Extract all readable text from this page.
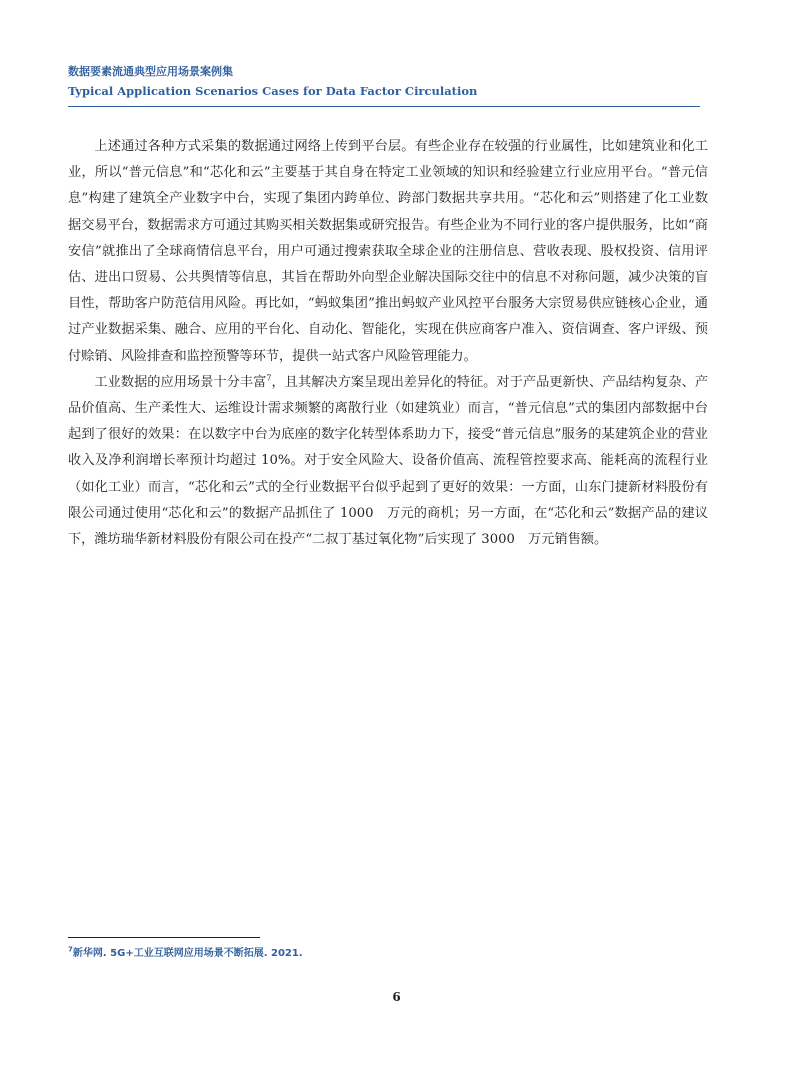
数据要素流通典型应用场景案例集
Typical Application Scenarios Cases for Data Factor Circulation

上述通过各种方式采集的数据通过网络上传到平台层。有些企业存在较强的行业属性，比如建筑业和化工业，所以“普元信息”和“芯化和云”主要基于其自身在特定工业领域的知识和经验建立行业应用平台。“普元信息”构建了建筑全产业数字中台，实现了集团内跨单位、跨部门数据共享共用。“芯化和云”则搭建了化工业数据交易平台，数据需求方可通过其购买相关数据集或研究报告。有些企业为不同行业的客户提供服务，比如“商安信”就推出了全球商情信息平台，用户可通过搜索获取全球企业的注册信息、营收表现、股权投资、信用评估、进出口贸易、公共舆情等信息，其旨在帮助外向型企业解决国际交往中的信息不对称问题，减少决策的盲目性，帮助客户防范信用风险。再比如，“蚂蚁集团”推出蚂蚁产业风控平台服务大宗贸易供应链核心企业，通过产业数据采集、融合、应用的平台化、自动化、智能化，实现在供应商客户准入、资信调查、客户评级、预付赊销、风险排查和监控预警等环节，提供一站式客户风险管理能力。

工业数据的应用场景十分丰富$^7$，且其解决方案呈现出差异化的特征。对于产品更新快、产品结构复杂、产品价值高、生产柔性大、运维设计需求频繁的离散行业（如建筑业）而言，“普元信息”式的集团内部数据中台起到了很好的效果：在以数字中台为底座的数字化转型体系助力下，接受“普元信息”服务的某建筑企业的营业收入及净利润增长率预计均超过 10%。对于安全风险大、设备价值高、流程管控要求高、能耗高的流程行业（如化工业）而言，“芯化和云”式的全行业数据平台似乎起到了更好的效果：一方面，山东门捷新材料股份有限公司通过使用“芯化和云”的数据产品抓住了 1000　万元的商机；另一方面，在“芯化和云”数据产品的建议下，潍坊瑞华新材料股份有限公司在投产“二叔丁基过氧化物”后实现了 3000　万元销售额。

$^7$新华网. 5G+工业互联网应用场景不断拓展. 2021.
6
